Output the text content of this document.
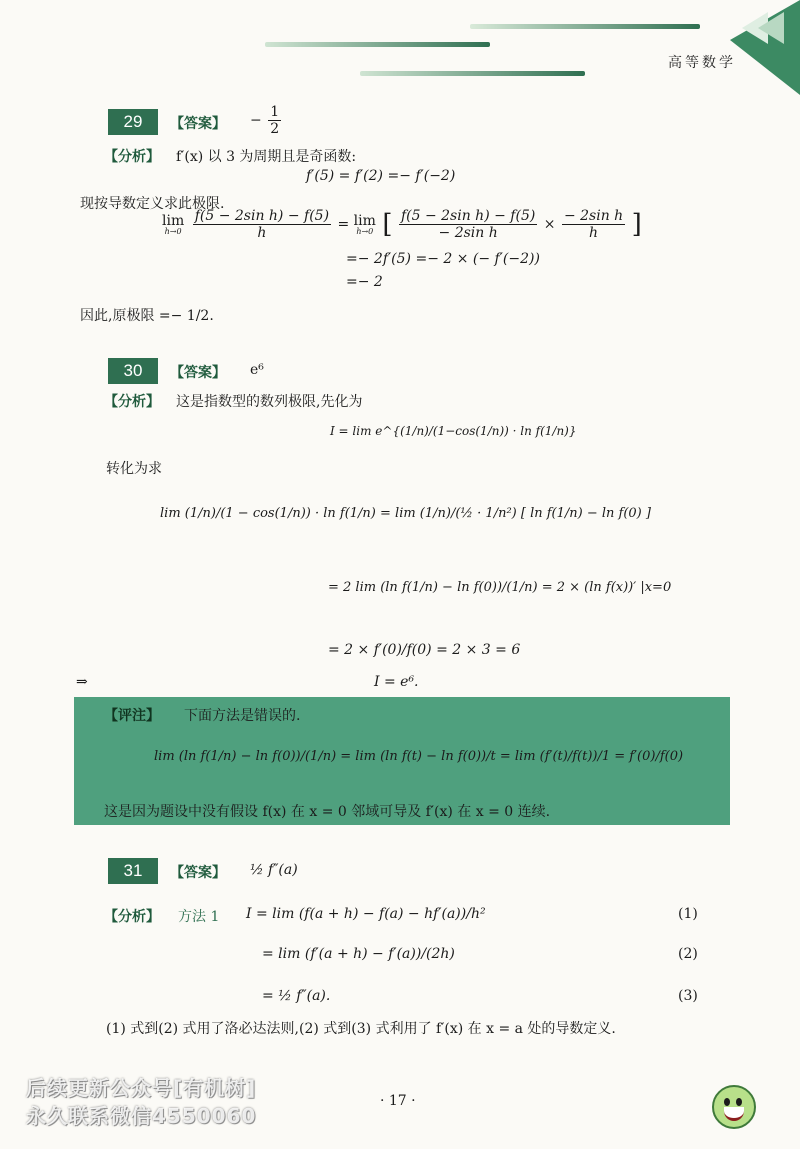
高等数学
29	【答案】 − $\frac{1}{2}$
【分析】 f′(x) 以 3 为周期且是奇函数:
f′(5) = f′(2) =− f′(−2)
现按导数定义求此极限.
lim
h→0
$\frac{\text{f(5 − 2sin h) − f(5)}}{h} = \lim$
h→0 [ $\frac{\text{f(5 − 2sin h) − f(5)}}{\text{− 2sin h}} \times \frac{\text{− 2sin h}}{h}$ ]
=− 2f′(5) =− 2 × (− f′(−2))
=− 2
因此,原极限 =− 1/2.
30	【答案】 e⁶
【分析】 这是指数型的数列极限,先化为
I = lim e^{(1/n)/(1−cos(1/n)) · ln f(1/n)}
转化为求
lim (1/n)/(1 − cos(1/n)) · ln f(1/n) = lim (1/n)/(½ · 1/n²) [ ln f(1/n) − ln f(0) ]
= 2 lim (ln f(1/n) − ln f(0))/(1/n) = 2 × (ln f(x))′ |x=0
= 2 × f′(0)/f(0) = 2 × 3 = 6
⇒	I = e⁶.
【评注】 下面方法是错误的.
lim (ln f(1/n) − ln f(0))/(1/n) = lim (ln f(t) − ln f(0))/t = lim (f′(t)/f(t))/1 = f′(0)/f(0)
这是因为题设中没有假设 f(x) 在 x = 0 邻域可导及 f′(x) 在 x = 0 连续.
31	【答案】 ½ f″(a)
【分析】 方法 1 I = lim (f(a + h) − f(a) − hf′(a))/h²	(1)
= lim (f′(a + h) − f′(a))/(2h)	(2)
= ½ f″(a).	(3)
(1) 式到(2) 式用了洛必达法则,(2) 式到(3) 式利用了 f′(x) 在 x = a 处的导数定义.
· 17 ·
后续更新公众号[有机树]
永久联系微信4550060
